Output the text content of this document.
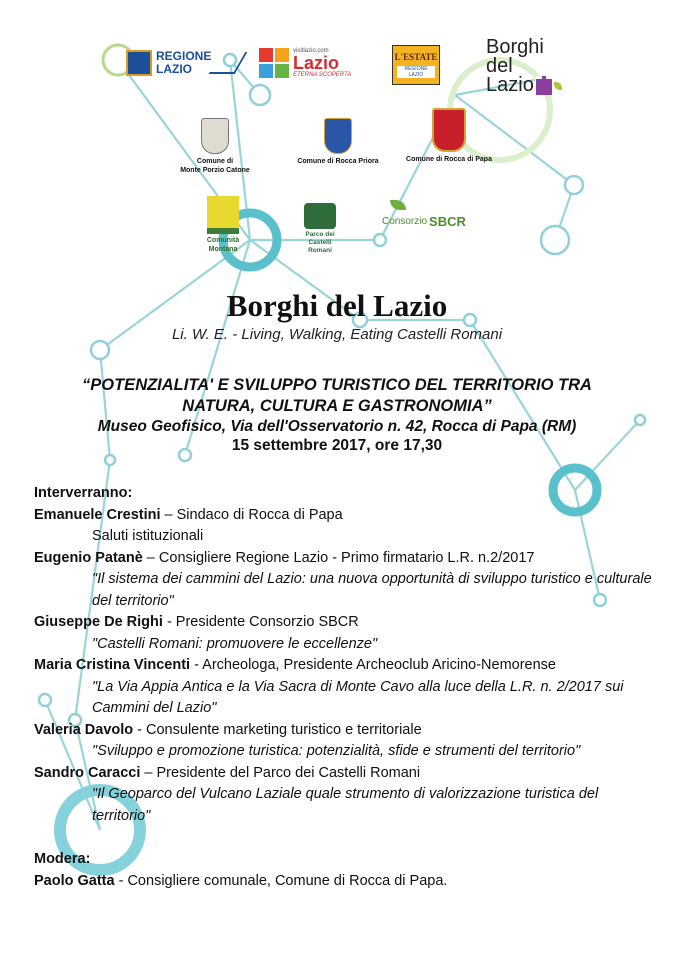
REGIONE
LAZIO
visitlazio.com
Lazio
ETERNA SCOPERTA
L'ESTATE
REGIONE LAZIO
Borghi
del
Lazio
Comune di
Monte Porzio Catone
Comune di Rocca Priora	Comune di Rocca di Papa
Comunità
Montana
Parco dei
Castelli
Romani
Consorzio SBCR
Borghi del Lazio
Li. W. E. - Living, Walking, Eating Castelli Romani
“POTENZIALITA' E SVILUPPO TURISTICO DEL TERRITORIO TRA
NATURA, CULTURA E GASTRONOMIA”
Museo Geofisico, Via dell'Osservatorio n. 42, Rocca di Papa (RM)
15 settembre 2017, ore 17,30
Interverranno:
Emanuele Crestini – Sindaco di Rocca di Papa
Saluti istituzionali
Eugenio Patanè – Consigliere Regione Lazio - Primo firmatario L.R. n.2/2017
"Il sistema dei cammini del Lazio: una nuova opportunità di sviluppo turistico e culturale del territorio"
Giuseppe De Righi - Presidente Consorzio SBCR
"Castelli Romani: promuovere le eccellenze"
Maria Cristina Vincenti - Archeologa, Presidente Archeoclub Aricino-Nemorense
"La Via Appia Antica e la Via Sacra di Monte Cavo alla luce della L.R. n. 2/2017 sui Cammini del Lazio"
Valeria Davolo - Consulente marketing turistico e territoriale
"Sviluppo e promozione turistica: potenzialità, sfide e strumenti del territorio"
Sandro Caracci – Presidente del Parco dei Castelli Romani
"Il Geoparco del Vulcano Laziale quale strumento di valorizzazione turistica del territorio"
Modera:
Paolo Gatta - Consigliere comunale, Comune di Rocca di Papa.
